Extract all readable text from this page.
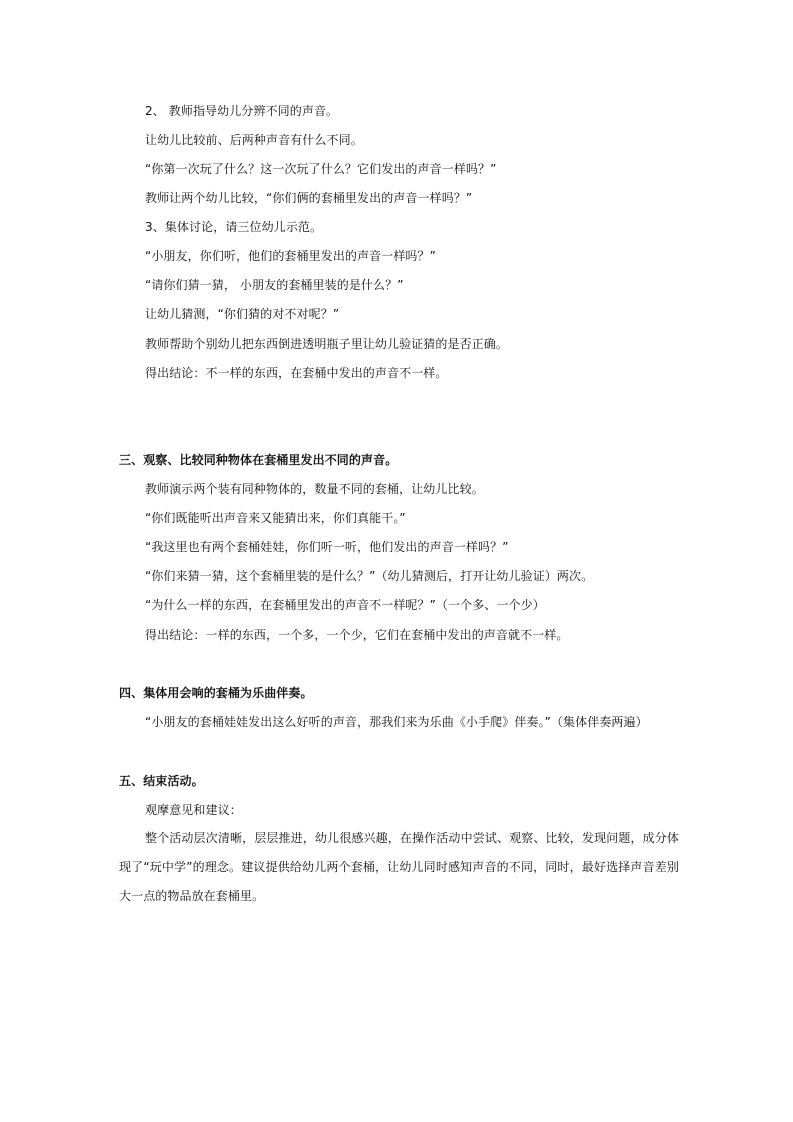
2、 教师指导幼儿分辨不同的声音。
让幼儿比较前、后两种声音有什么不同。
“你第一次玩了什么？这一次玩了什么？它们发出的声音一样吗？”
教师让两个幼儿比较，“你们俩的套桶里发出的声音一样吗？”
3、集体讨论，请三位幼儿示范。
“小朋友，你们听，他们的套桶里发出的声音一样吗？”
“请你们猜一猜， 小朋友的套桶里装的是什么？”
让幼儿猜测，“你们猜的对不对呢？”
教师帮助个别幼儿把东西倒进透明瓶子里让幼儿验证猜的是否正确。
得出结论：不一样的东西，在套桶中发出的声音不一样。
三、观察、比较同种物体在套桶里发出不同的声音。
教师演示两个装有同种物体的，数量不同的套桶，让幼儿比较。
“你们既能听出声音来又能猜出来，你们真能干。”
“我这里也有两个套桶娃娃，你们听一听，他们发出的声音一样吗？”
“你们来猜一猜，这个套桶里装的是什么？”（幼儿猜测后，打开让幼儿验证）两次。
“为什么一样的东西，在套桶里发出的声音不一样呢？”（一个多、一个少）
得出结论：一样的东西，一个多，一个少，它们在套桶中发出的声音就不一样。
四、集体用会响的套桶为乐曲伴奏。
“小朋友的套桶娃娃发出这么好听的声音，那我们来为乐曲《小手爬》伴奏。”（集体伴奏两遍）
五、结束活动。
观摩意见和建议：
整个活动层次清晰，层层推进，幼儿很感兴趣，在操作活动中尝试、观察、比较，发现问题，成分体现了“玩中学”的理念。建议提供给幼儿两个套桶，让幼儿同时感知声音的不同，同时，最好选择声音差别大一点的物品放在套桶里。
